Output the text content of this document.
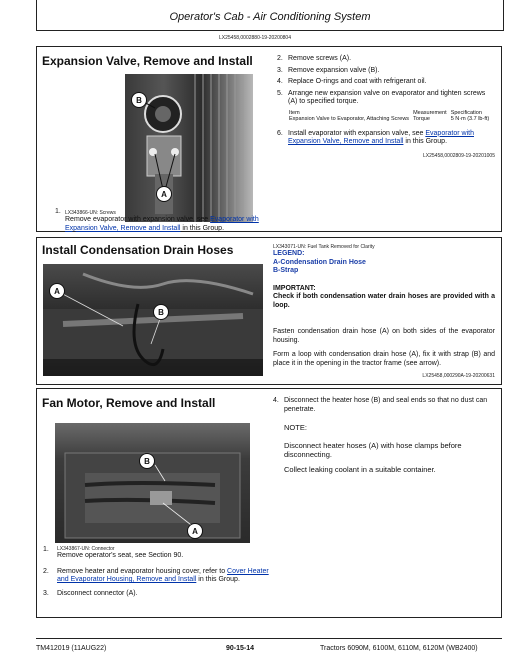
Operator's Cab - Air Conditioning System
LX25458,0002880-19-20200804
Expansion Valve, Remove and Install
B
A
1. LX343866-UN: Screws
Remove evaporator with expansion valve, see Evaporator with Expansion Valve, Remove and Install in this Group.
2. Remove screws (A).
3. Remove expansion valve (B).
4. Replace O-rings and coat with refrigerant oil.
5. Arrange new expansion valve on evaporator and tighten screws (A) to specified torque.
Item	Measurement	Specification
Expansion Valve to Evaporator, Attaching Screws	Torque	5 N·m (3.7 lb-ft)
6. Install evaporator with expansion valve, see Evaporator with Expansion Valve, Remove and Install in this Group.
LX25458,0002809-19-20201005
Install Condensation Drain Hoses
A
B
LX343071-UN: Fuel Tank Removed for Clarity
LEGEND:
A-Condensation Drain Hose
B-Strap
IMPORTANT:
Check if both condensation water drain hoses are provided with a loop.
Fasten condensation drain hose (A) on both sides of the evaporator housing.
Form a loop with condensation drain hose (A), fix it with strap (B) and place it in the opening in the tractor frame (see arrow).
LX25458,000290A-19-20200631
Fan Motor, Remove and Install
B
A
1. LX343867-UN: Connector
Remove operator's seat, see Section 90.
2. Remove heater and evaporator housing cover, refer to Cover Heater and Evaporator Housing, Remove and Install in this Group.
3. Disconnect connector (A).
4. Disconnect the heater hose (B) and seal ends so that no dust can penetrate.
NOTE:
Disconnect heater hoses (A) with hose clamps before disconnecting.
Collect leaking coolant in a suitable container.
TM412019 (11AUG22)	90-15-14	Tractors 6090M, 6100M, 6110M, 6120M (WB2400)
